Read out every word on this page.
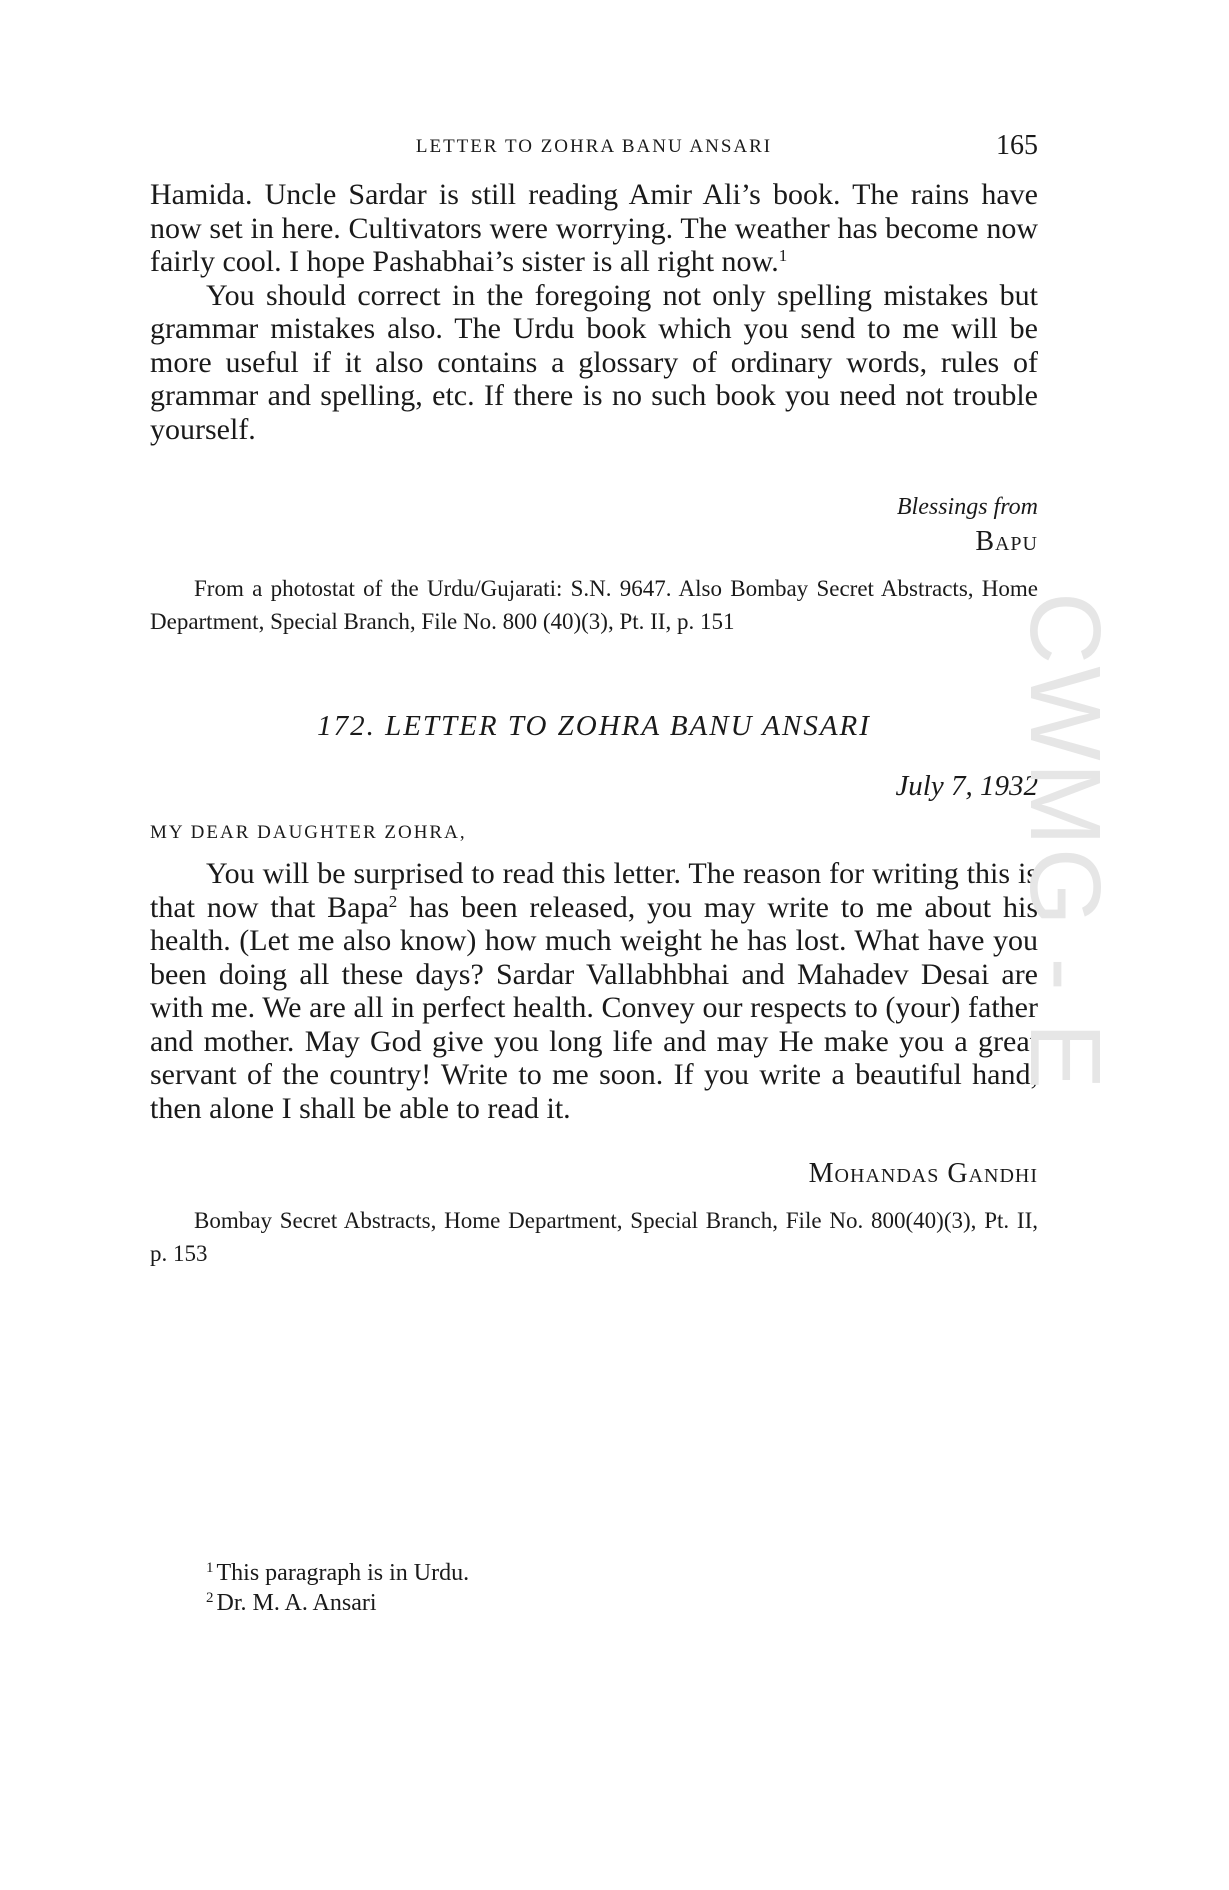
LETTER TO ZOHRA BANU ANSARI	165

Hamida. Uncle Sardar is still reading Amir Ali’s book. The rains have now set in here. Cultivators were worrying. The weather has become now fairly cool. I hope Pashabhai’s sister is all right now.$^1$

You should correct in the foregoing not only spelling mistakes but grammar mistakes also. The Urdu book which you send to me will be more useful if it also contains a glossary of ordinary words, rules of grammar and spelling, etc. If there is no such book you need not trouble yourself.

Blessings from
Bapu

From a photostat of the Urdu/Gujarati: S.N. 9647. Also Bombay Secret Abstracts, Home Department, Special Branch, File No. 800 (40)(3), Pt. II, p. 151

172. LETTER TO ZOHRA BANU ANSARI
July 7, 1932
MY DEAR DAUGHTER ZOHRA,

You will be surprised to read this letter. The reason for writing this is that now that Bapa$^2$ has been released, you may write to me about his health. (Let me also know) how much weight he has lost. What have you been doing all these days? Sardar Vallabhbhai and Mahadev Desai are with me. We are all in perfect health. Convey our respects to (your) father and mother. May God give you long life and may He make you a great servant of the country! Write to me soon. If you write a beautiful hand, then alone I shall be able to read it.

Mohandas Gandhi

Bombay Secret Abstracts, Home Department, Special Branch, File No. 800(40)(3), Pt. II, p. 153

$^1$ This paragraph is in Urdu.
$^2$ Dr. M. A. Ansari
CWMG - E
